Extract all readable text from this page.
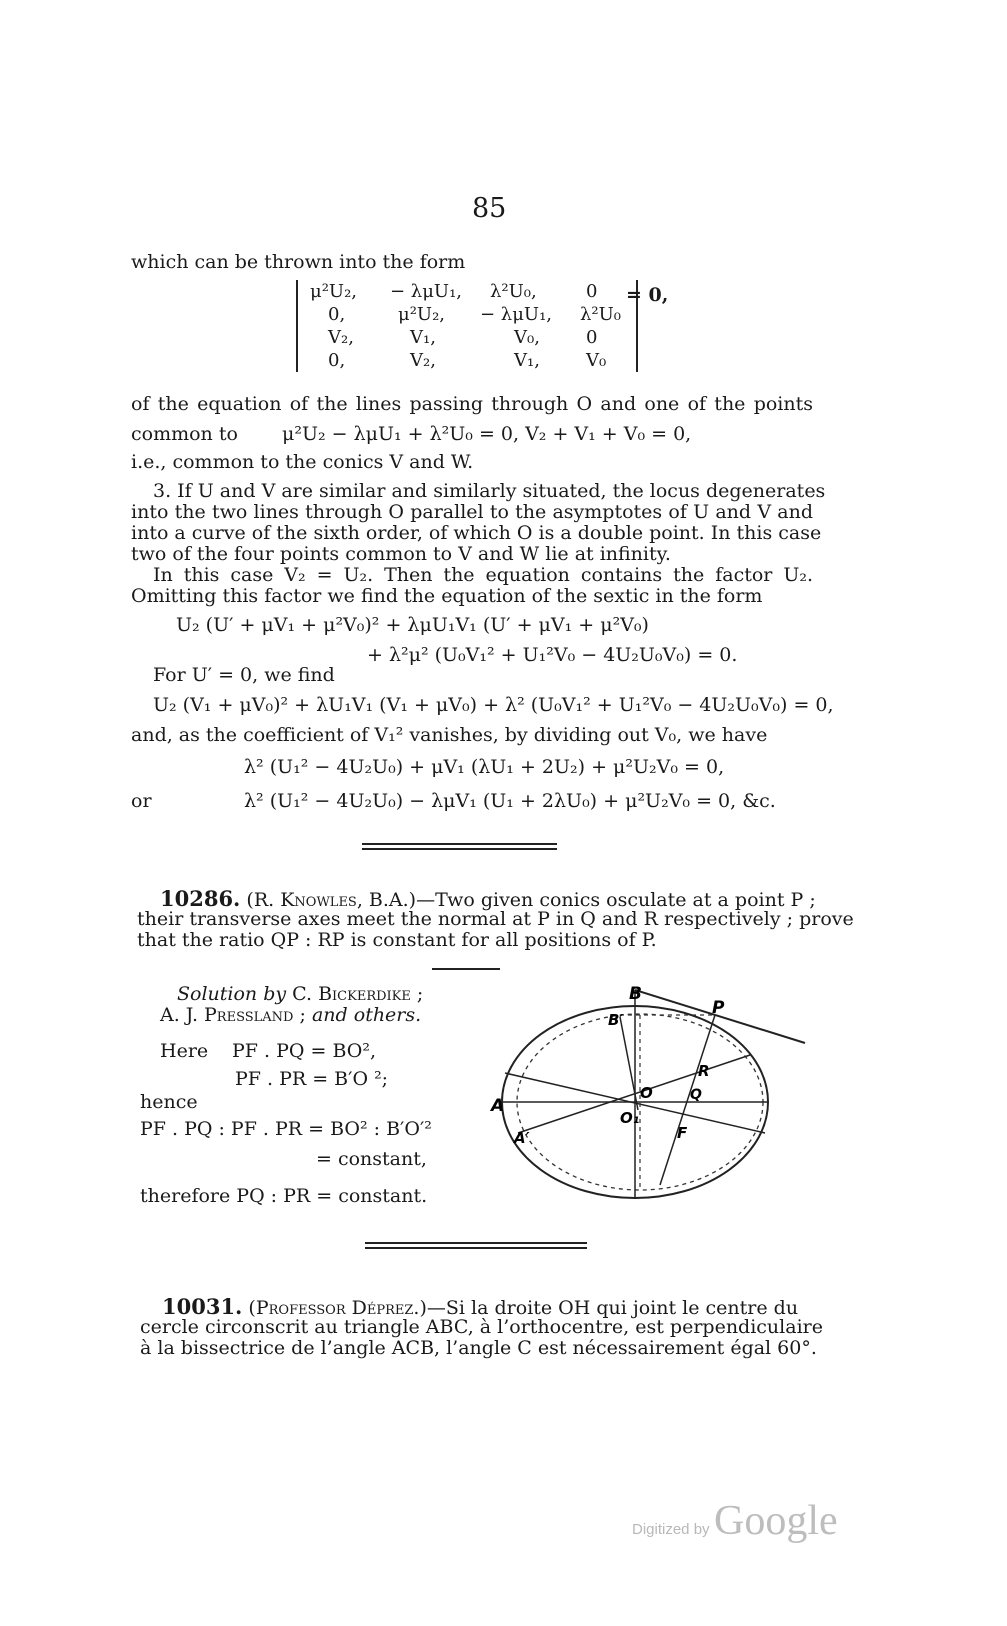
85
which can be thrown into the form
μ²U₂,	− λμU₁,	λ²U₀,	0
0,	μ²U₂,	− λμU₁,	λ²U₀
V₂,	V₁,	V₀,	0
0,	V₂,	V₁,	V₀
= 0,
of the equation of the lines passing through O and one of the points
common to μ²U₂ − λμU₁ + λ²U₀ = 0, V₂ + V₁ + V₀ = 0,
i.e., common to the conics V and W.
3. If U and V are similar and similarly situated, the locus degenerates
into the two lines through O parallel to the asymptotes of U and V and
into a curve of the sixth order, of which O is a double point. In this case
two of the four points common to V and W lie at infinity.
In this case V₂ = U₂. Then the equation contains the factor U₂.
Omitting this factor we find the equation of the sextic in the form
U₂ (U′ + μV₁ + μ²V₀)² + λμU₁V₁ (U′ + μV₁ + μ²V₀)
+ λ²μ² (U₀V₁² + U₁²V₀ − 4U₂U₀V₀) = 0.
For U′ = 0, we find
U₂ (V₁ + μV₀)² + λU₁V₁ (V₁ + μV₀) + λ² (U₀V₁² + U₁²V₀ − 4U₂U₀V₀) = 0,
and, as the coefficient of V₁² vanishes, by dividing out V₀, we have
λ² (U₁² − 4U₂U₀) + μV₁ (λU₁ + 2U₂) + μ²U₂V₀ = 0,
or	λ² (U₁² − 4U₂U₀) − λμV₁ (U₁ + 2λU₀) + μ²U₂V₀ = 0, &c.
10286. (R. Knowles, B.A.)—Two given conics osculate at a point P ;
their transverse axes meet the normal at P in Q and R respectively ; prove
that the ratio QP : RP is constant for all positions of P.
Solution by C. Bickerdike ;
A. J. Pressland ; and others.
Here PF . PQ = BO²,
PF . PR = B′O ²;
hence
PF . PQ : PF . PR = BO² : B′O′²
= constant,
therefore PQ : PR = constant.
B
B′
P
O
R
Q
A
A′
O₁
F
10031. (Professor Déprez.)—Si la droite OH qui joint le centre du
cercle circonscrit au triangle ABC, à l’orthocentre, est perpendiculaire
à la bissectrice de l’angle ACB, l’angle C est nécessairement égal 60°.
Digitized by Google
